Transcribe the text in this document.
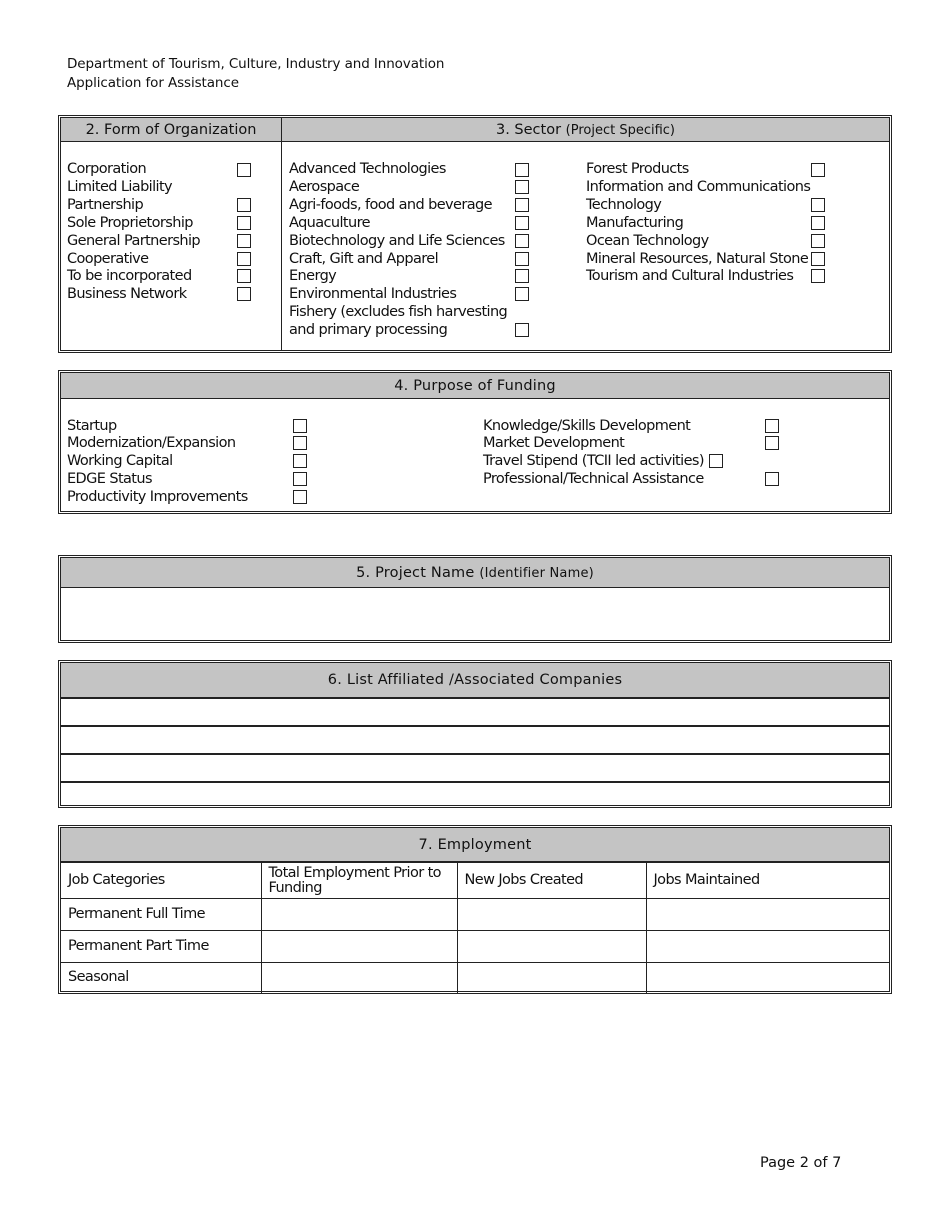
Department of Tourism, Culture, Industry and Innovation
Application for Assistance
2. Form of Organization	3. Sector (Project Specific)
Corporation
Limited Liability
Partnership
Sole Proprietorship
General Partnership
Cooperative
To be incorporated
Business Network
Advanced Technologies
Aerospace
Agri-foods, food and beverage
Aquaculture
Biotechnology and Life Sciences
Craft, Gift and Apparel
Energy
Environmental Industries
Fishery (excludes fish harvesting
and primary processing
Forest Products
Information and Communications
Technology
Manufacturing
Ocean Technology
Mineral Resources, Natural Stone
Tourism and Cultural Industries
4. Purpose of Funding
Startup
Modernization/Expansion
Working Capital
EDGE Status
Productivity Improvements
Knowledge/Skills Development
Market Development
Travel Stipend (TCII led activities)
Professional/Technical Assistance
5. Project Name (Identifier Name)
6. List Affiliated /Associated Companies
7. Employment
Job Categories	Total Employment Prior to Funding	New Jobs Created	Jobs Maintained
Permanent Full Time			
Permanent Part Time			
Seasonal			
Page 2 of 7
